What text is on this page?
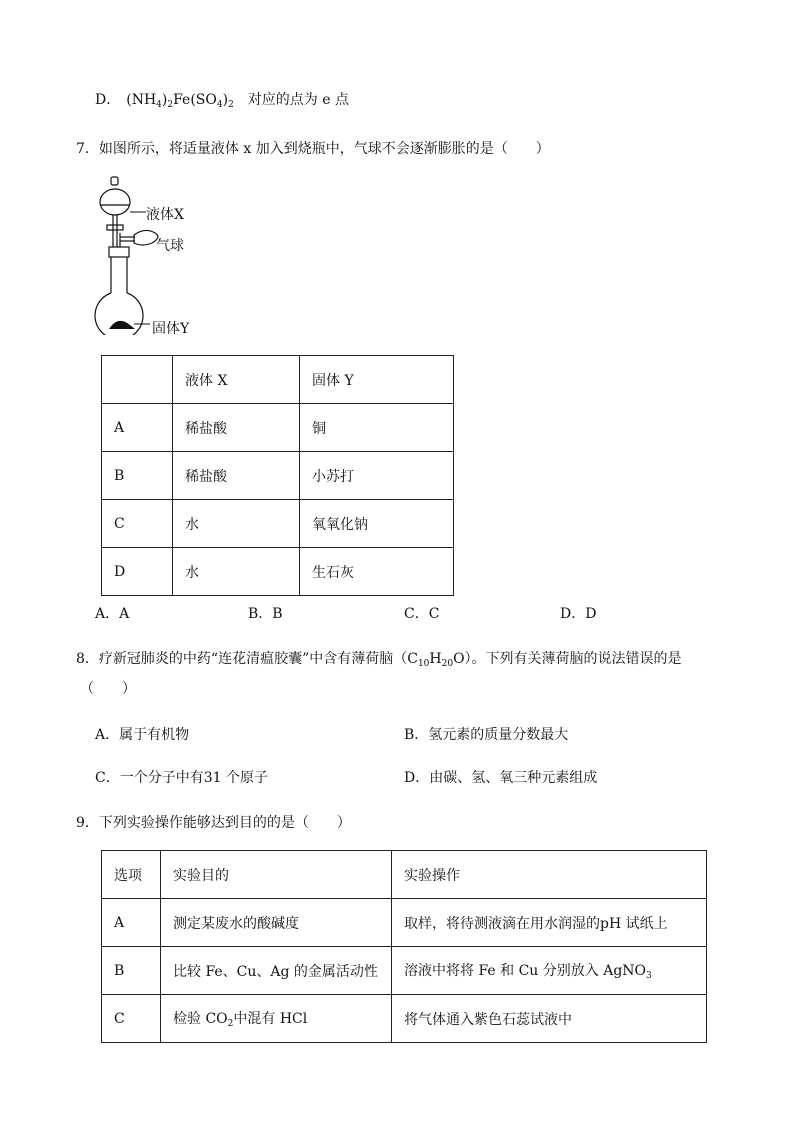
D． $(NH_4)_2Fe(SO_4)_2$ 对应的点为 e 点
7．如图所示，将适量液体 x 加入到烧瓶中，气球不会逐渐膨胀的是（　　）
液体X
气球
固体Y
	液体 X	固体 Y
A	稀盐酸	铜
B	稀盐酸	小苏打
C	水	氧氧化钠
D	水	生石灰
A．A	B．B	C．C	D．D
8．疗新冠肺炎的中药“连花清瘟胶囊”中含有薄荷脑$(C_{10}H_{20}O)$。下列有关薄荷脑的说法错误的是
（　　）
A．属于有机物	B．氢元素的质量分数最大
C．一个分子中有31 个原子	D．由碳、氢、氧三种元素组成
9．下列实验操作能够达到目的的是（　　）
选项	实验目的	实验操作
A	测定某废水的酸碱度	取样，将待测液滴在用水润湿的pH 试纸上
B	比较 Fe、Cu、Ag 的金属活动性	溶液中将将 Fe 和 Cu 分别放入 AgNO$_3$
C	检验 $CO_2$中混有 HCl	将气体通入紫色石蕊试液中
